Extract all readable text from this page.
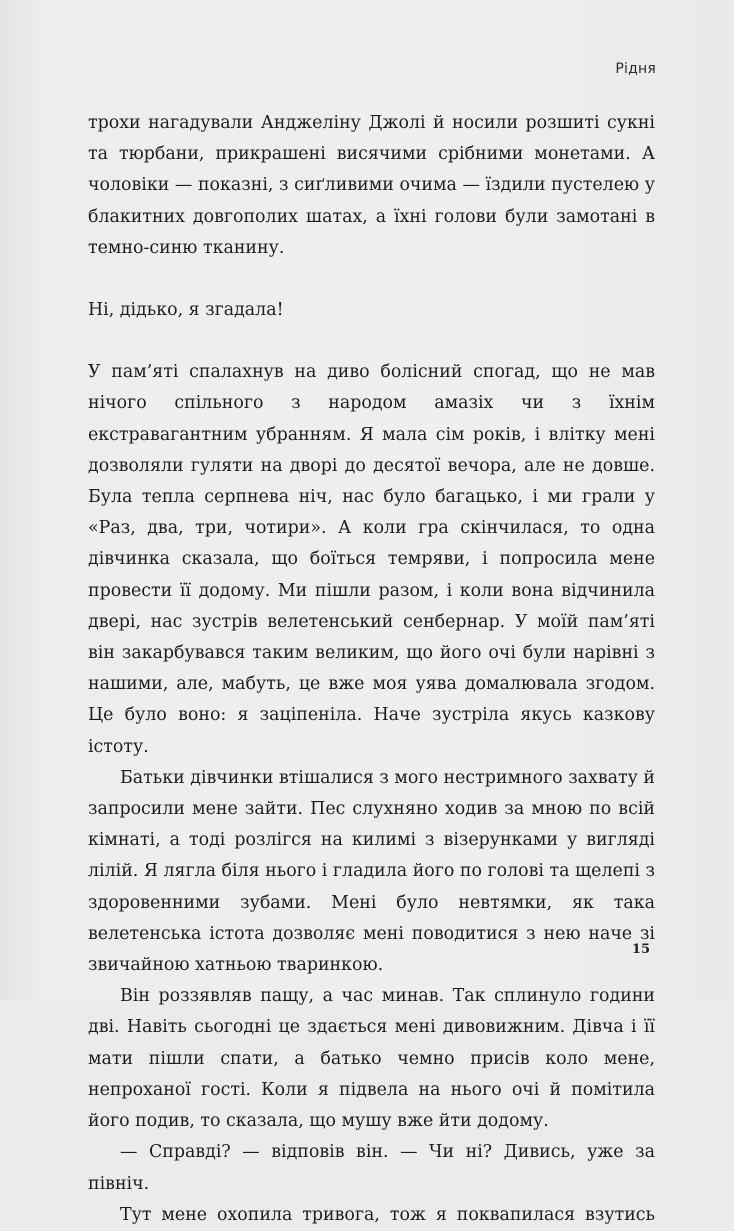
Рідня

трохи нагадували Анджеліну Джолі й носили розшиті сукні та тюрбани, прикрашені висячими срібними монетами. А чоловіки — показні, з сиґливими очима — їздили пустелею у блакитних довгополих шатах, а їхні голови були замотані в темно-синю тканину.

Ні, дідько, я згадала!

У пам’яті спалахнув на диво болісний спогад, що не мав нічого спільного з народом амазіх чи з їхнім екстравагантним убранням. Я мала сім років, і влітку мені дозволяли гуляти на дворі до десятої вечора, але не довше. Була тепла серпнева ніч, нас було багацько, і ми грали у «Раз, два, три, чотири». А коли гра скінчилася, то одна дівчинка сказала, що боїться темряви, і попросила мене провести її додому. Ми пішли разом, і коли вона відчинила двері, нас зустрів велетенський сенбернар. У моїй пам’яті він закарбувався таким великим, що його очі були нарівні з нашими, але, мабуть, це вже моя уява домалювала згодом. Це було воно: я заціпеніла. Наче зустріла якусь казкову істоту.

Батьки дівчинки втішалися з мого нестримного захвату й запросили мене зайти. Пес слухняно ходив за мною по всій кімнаті, а тоді розлігся на килимі з візерунками у вигляді лілій. Я лягла біля нього і гладила його по голові та щелепі з здоровенними зубами. Мені було невтямки, як така велетенська істота дозволяє мені поводитися з нею наче зі звичайною хатньою тваринкою.

Він роззявляв пащу, а час минав. Так сплинуло години дві. Навіть сьогодні це здається мені дивовижним. Дівча і її мати пішли спати, а батько чемно присів коло мене, непроханої гості. Коли я підвела на нього очі й помітила його подив, то сказала, що мушу вже йти додому.

— Справді? — відповів він. — Чи ні? Дивись, уже за північ.

Тут мене охопила тривога, тож я поквапилася взутись

15
